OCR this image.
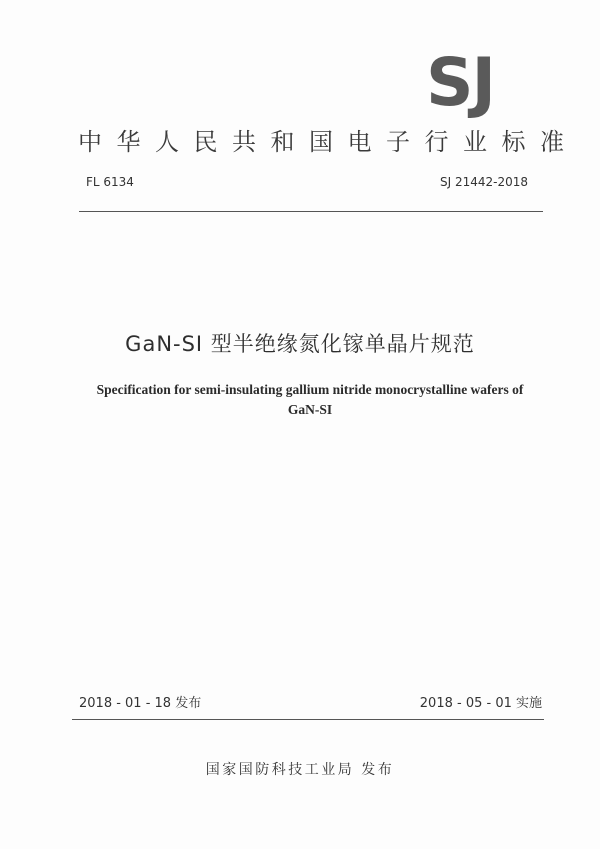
SJ
中华人民共和国电子行业标准
FL 6134	SJ 21442-2018
GaN-SI 型半绝缘氮化镓单晶片规范
Specification for semi-insulating gallium nitride monocrystalline wafers of
GaN-SI
2018 - 01 - 18 发布	2018 - 05 - 01 实施
国家国防科技工业局 发布
